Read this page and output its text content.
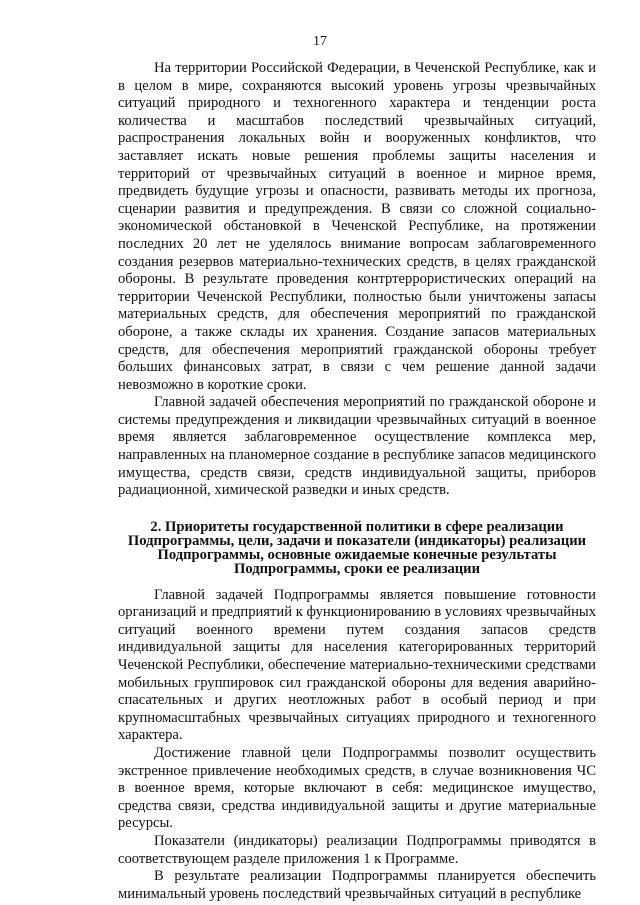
17

На территории Российской Федерации, в Чеченской Республике, как и в целом в мире, сохраняются высокий уровень угрозы чрезвычайных ситуаций природного и техногенного характера и тенденции роста количества и масштабов последствий чрезвычайных ситуаций, распространения локальных войн и вооруженных конфликтов, что заставляет искать новые решения проблемы защиты населения и территорий от чрезвычайных ситуаций в военное и мирное время, предвидеть будущие угрозы и опасности, развивать методы их прогноза, сценарии развития и предупреждения. В связи со сложной социально-экономической обстановкой в Чеченской Республике, на протяжении последних 20 лет не уделялось внимание вопросам заблаговременного создания резервов материально-технических средств, в целях гражданской обороны. В результате проведения контртеррористических операций на территории Чеченской Республики, полностью были уничтожены запасы материальных средств, для обеспечения мероприятий по гражданской обороне, а также склады их хранения. Создание запасов материальных средств, для обеспечения мероприятий гражданской обороны требует больших финансовых затрат, в связи с чем решение данной задачи невозможно в короткие сроки.

Главной задачей обеспечения мероприятий по гражданской обороне и системы предупреждения и ликвидации чрезвычайных ситуаций в военное время является заблаговременное осуществление комплекса мер, направленных на планомерное создание в республике запасов медицинского имущества, средств связи, средств индивидуальной защиты, приборов радиационной, химической разведки и иных средств.

2. Приоритеты государственной политики в сфере реализации Подпрограммы, цели, задачи и показатели (индикаторы) реализации Подпрограммы, основные ожидаемые конечные результаты Подпрограммы, сроки ее реализации

Главной задачей Подпрограммы является повышение готовности организаций и предприятий к функционированию в условиях чрезвычайных ситуаций военного времени путем создания запасов средств индивидуальной защиты для населения категорированных территорий Чеченской Республики, обеспечение материально-техническими средствами мобильных группировок сил гражданской обороны для ведения аварийно-спасательных и других неотложных работ в особый период и при крупномасштабных чрезвычайных ситуациях природного и техногенного характера.

Достижение главной цели Подпрограммы позволит осуществить экстренное привлечение необходимых средств, в случае возникновения ЧС в военное время, которые включают в себя: медицинское имущество, средства связи, средства индивидуальной защиты и другие материальные ресурсы.

Показатели (индикаторы) реализации Подпрограммы приводятся в соответствующем разделе приложения 1 к Программе.

В результате реализации Подпрограммы планируется обеспечить минимальный уровень последствий чрезвычайных ситуаций в республике
